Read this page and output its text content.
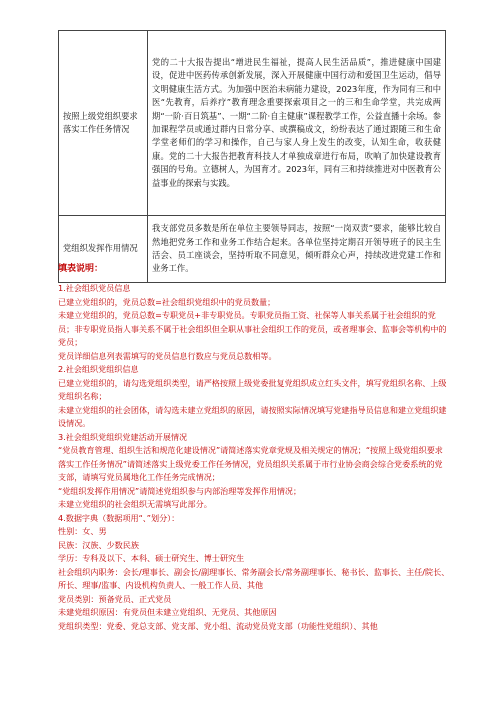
按照上级党组织要求落实工作任务情况	党的二十大报告提出“增进民生福祉，提高人民生活品质”，推进健康中国建设，促进中医药传承创新发展，深入开展健康中国行动和爱国卫生运动，倡导文明健康生活方式。为加强中医治未病能力建设，2023年度，作为同有三和中医“先教育，后养疗”教育理念重要探索项目之一的三和生命学堂，共完成两期“一阶·百日筑基”、一期“二阶·自主健康”课程教学工作，公益直播十余场。参加课程学员或通过群内日常分享、或撰稿成文，纷纷表达了通过跟随三和生命学堂老师们的学习和操作，自己与家人身上发生的改变，认知生命，收获健康。党的二十大报告把教育科技人才单独成章进行布局，吹响了加快建设教育强国的号角。立德树人，为国育才。2023年，同有三和持续推进对中医教育公益事业的探索与实践。
党组织发挥作用情况	我支部党员多数是所在单位主要领导同志，按照“一岗双责”要求，能够比较自然地把党务工作和业务工作结合起来。各单位坚持定期召开领导班子的民主生活会、员工座谈会，坚持听取不同意见，倾听群众心声，持续改进党建工作和业务工作。
填表说明：
1.社会组织党员信息
已建立党组织的，党员总数=社会组织党组织中的党员数量；
未建立党组织的，党员总数=专职党员+非专职党员。专职党员指工资、社保等人事关系属于社会组织的党员；非专职党员指人事关系不属于社会组织但全职从事社会组织工作的党员，或者理事会、监事会等机构中的党员；
党员详细信息列表需填写的党员信息行数应与党员总数相等。
2.社会组织党组织信息
已建立党组织的，请勾选党组织类型，请严格按照上级党委批复党组织成立红头文件，填写党组织名称、上级党组织名称；
未建立党组织的社会团体，请勾选未建立党组织的原因，请按照实际情况填写党建指导员信息和建立党组织建设情况。
3.社会组织党组织党建活动开展情况
“党员教育管理、组织生活和规范化建设情况”请简述落实党章党规及相关规定的情况；“按照上级党组织要求落实工作任务情况”请简述落实上级党委工作任务情况，党员组织关系属于市行业协会商会综合党委系统的党支部，请填写党员属地化工作任务完成情况；
“党组织发挥作用情况”请简述党组织参与内部治理等发挥作用情况；
未建立党组织的社会组织无需填写此部分。
4.数据字典（数据项用“、”划分）：
性别：女、男
民族：汉族、少数民族
学历：专科及以下、本科、硕士研究生、博士研究生
社会组织内职务：会长/理事长、副会长/副理事长、常务副会长/常务副理事长、秘书长、监事长、主任/院长、所长、理事/监事、内设机构负责人、一般工作人员、其他
党员类别：预备党员、正式党员
未建党组织原因：有党员但未建立党组织、无党员、其他原因
党组织类型：党委、党总支部、党支部、党小组、流动党员党支部（功能性党组织）、其他
